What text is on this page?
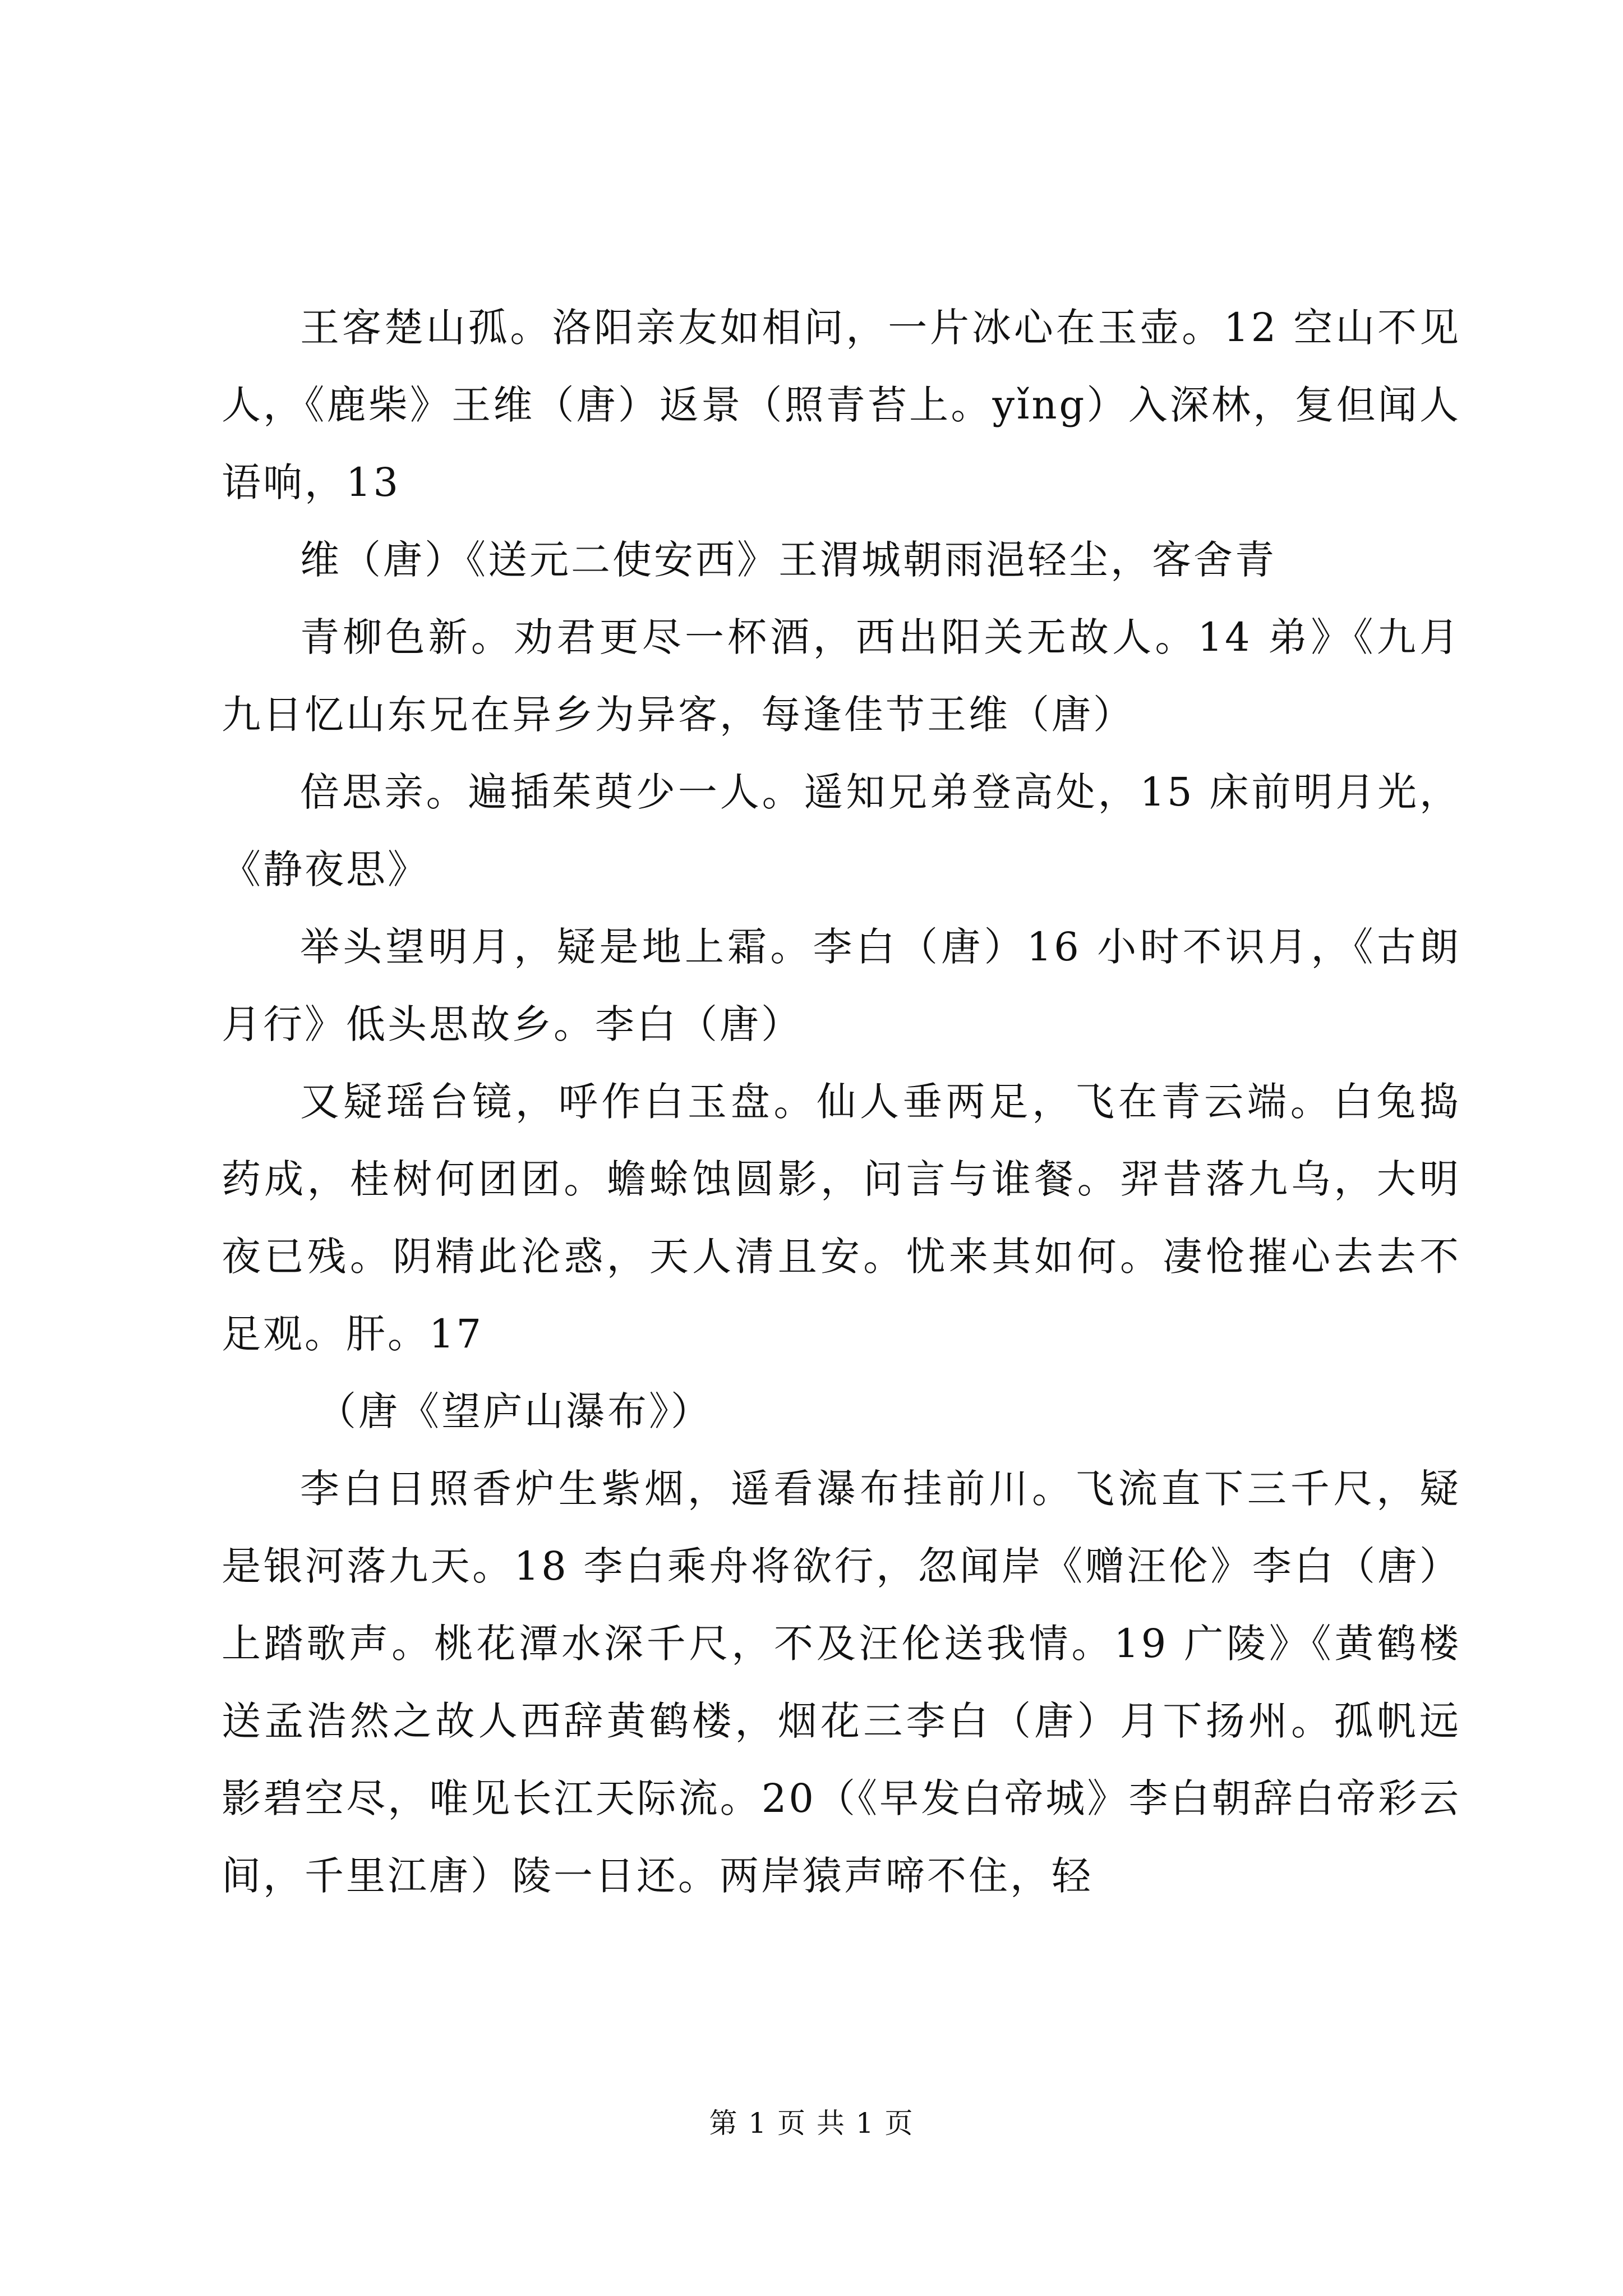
王客楚山孤。洛阳亲友如相问，一片冰心在玉壶。12 空山不见人，《鹿柴》王维（唐）返景（照青苔上。yǐng）入深林，复但闻人语响，13

维（唐）《送元二使安西》王渭城朝雨浥轻尘，客舍青

青柳色新。劝君更尽一杯酒，西出阳关无故人。14 弟》《九月九日忆山东兄在异乡为异客，每逢佳节王维（唐）

倍思亲。遍插茱萸少一人。遥知兄弟登高处，15 床前明月光，《静夜思》

举头望明月，疑是地上霜。李白（唐）16 小时不识月，《古朗月行》低头思故乡。李白（唐）

又疑瑶台镜，呼作白玉盘。仙人垂两足，飞在青云端。白兔捣药成，桂树何团团。蟾蜍蚀圆影，问言与谁餐。羿昔落九乌，大明夜已残。阴精此沦惑，天人清且安。忧来其如何。凄怆摧心去去不足观。肝。17

（唐《望庐山瀑布》）

李白日照香炉生紫烟，遥看瀑布挂前川。飞流直下三千尺，疑是银河落九天。18 李白乘舟将欲行，忽闻岸《赠汪伦》李白（唐）上踏歌声。桃花潭水深千尺，不及汪伦送我情。19 广陵》《黄鹤楼送孟浩然之故人西辞黄鹤楼，烟花三李白（唐）月下扬州。孤帆远影碧空尽，唯见长江天际流。20（《早发白帝城》李白朝辞白帝彩云间，千里江唐）陵一日还。两岸猿声啼不住，轻

第 1 页 共 1 页
